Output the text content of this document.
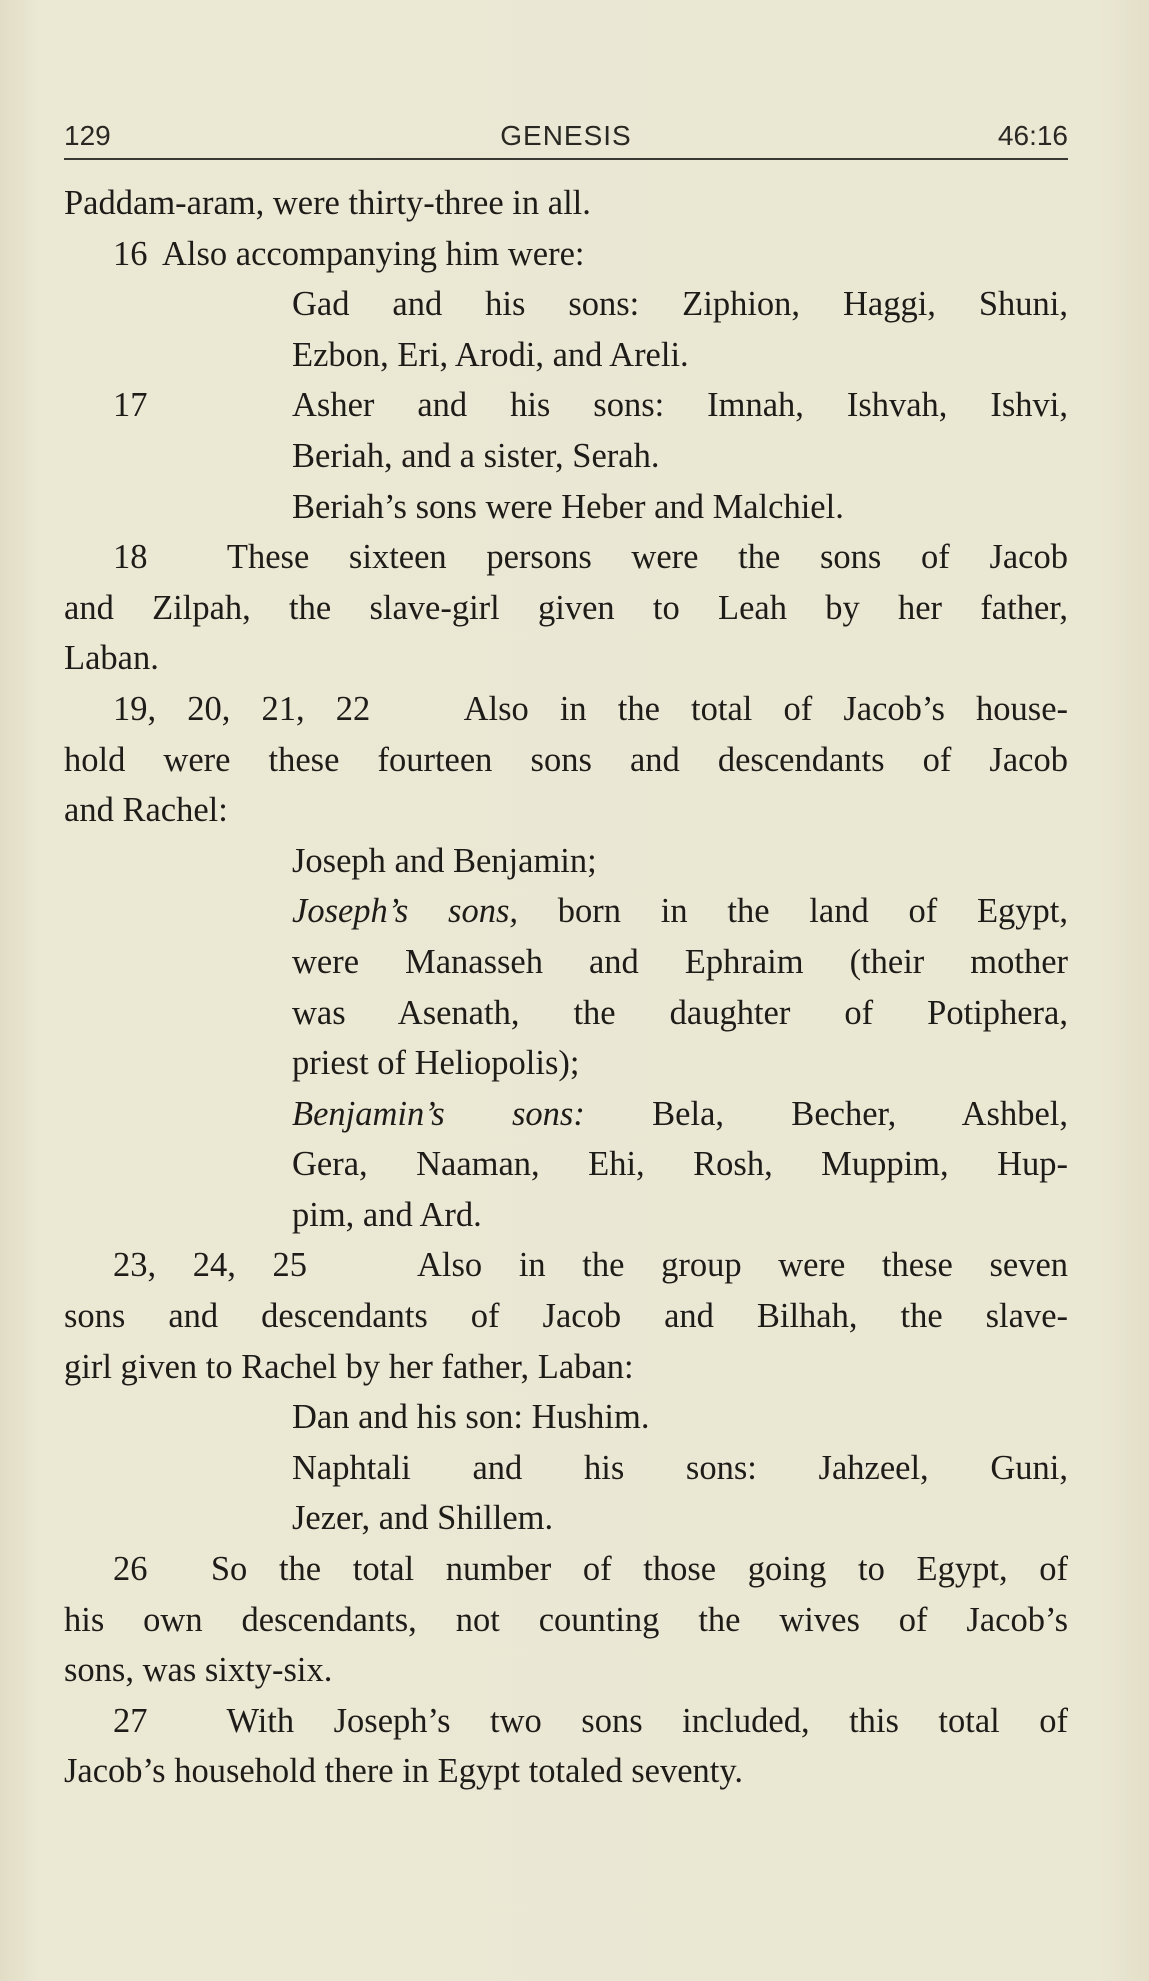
129	GENESIS	46:16
Paddam-aram, were thirty-three in all.
16 Also accompanying him were:
Gad and his sons: Ziphion, Haggi, Shuni,
Ezbon, Eri, Arodi, and Areli.
17	Asher and his sons: Imnah, Ishvah, Ishvi,
Beriah, and a sister, Serah.
Beriah’s sons were Heber and Malchiel.
18 These sixteen persons were the sons of Jacob
and Zilpah, the slave-girl given to Leah by her father,
Laban.
19, 20, 21, 22	Also in the total of Jacob’s house-
hold were these fourteen sons and descendants of Jacob
and Rachel:
Joseph and Benjamin;
Joseph’s sons, born in the land of Egypt,
were Manasseh and Ephraim (their mother
was Asenath, the daughter of Potiphera,
priest of Heliopolis);
Benjamin’s sons: Bela, Becher, Ashbel,
Gera, Naaman, Ehi, Rosh, Muppim, Hup-
pim, and Ard.
23, 24, 25	Also in the group were these seven
sons and descendants of Jacob and Bilhah, the slave-
girl given to Rachel by her father, Laban:
Dan and his son: Hushim.
Naphtali and his sons: Jahzeel, Guni,
Jezer, and Shillem.
26 So the total number of those going to Egypt, of
his own descendants, not counting the wives of Jacob’s
sons, was sixty-six.
27 With Joseph’s two sons included, this total of
Jacob’s household there in Egypt totaled seventy.
